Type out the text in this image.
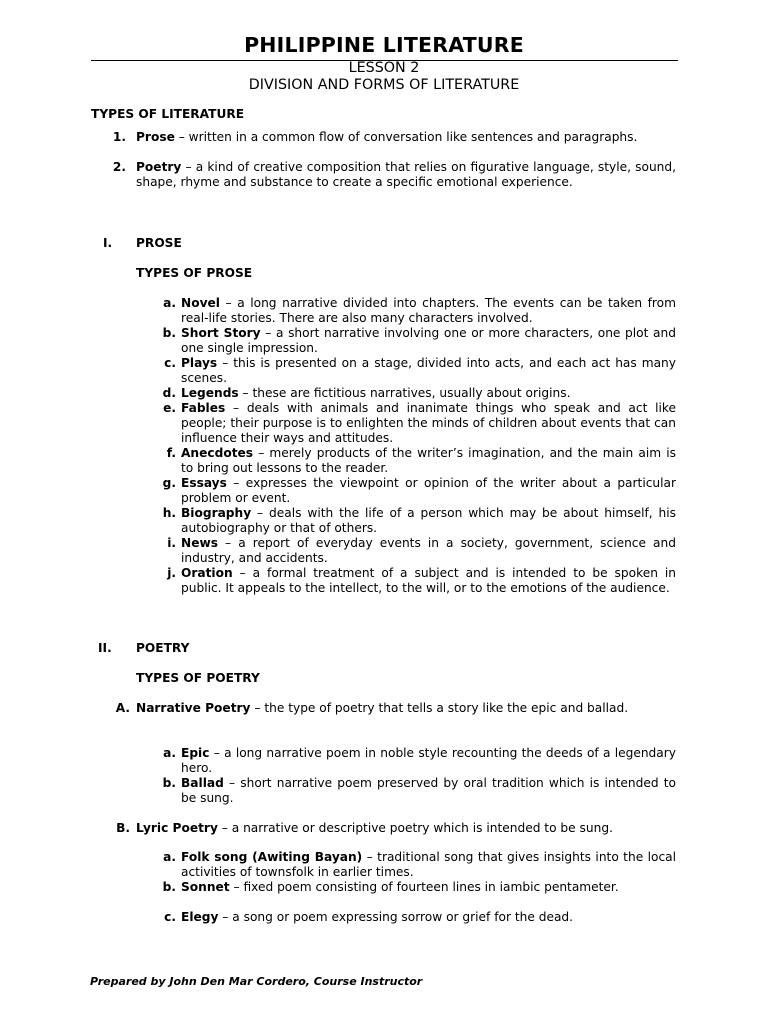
PHILIPPINE LITERATURE
LESSON 2
DIVISION AND FORMS OF LITERATURE
TYPES OF LITERATURE
1. Prose – written in a common flow of conversation like sentences and paragraphs.
2. Poetry – a kind of creative composition that relies on figurative language, style, sound, shape, rhyme and substance to create a specific emotional experience.
I. PROSE
TYPES OF PROSE
a. Novel – a long narrative divided into chapters. The events can be taken from real-life stories. There are also many characters involved.
b. Short Story – a short narrative involving one or more characters, one plot and one single impression.
c. Plays – this is presented on a stage, divided into acts, and each act has many scenes.
d. Legends – these are fictitious narratives, usually about origins.
e. Fables – deals with animals and inanimate things who speak and act like people; their purpose is to enlighten the minds of children about events that can influence their ways and attitudes.
f. Anecdotes – merely products of the writer’s imagination, and the main aim is to bring out lessons to the reader.
g. Essays – expresses the viewpoint or opinion of the writer about a particular problem or event.
h. Biography – deals with the life of a person which may be about himself, his autobiography or that of others.
i. News – a report of everyday events in a society, government, science and industry, and accidents.
j. Oration – a formal treatment of a subject and is intended to be spoken in public. It appeals to the intellect, to the will, or to the emotions of the audience.
II. POETRY
TYPES OF POETRY
A. Narrative Poetry – the type of poetry that tells a story like the epic and ballad.
a. Epic – a long narrative poem in noble style recounting the deeds of a legendary hero.
b. Ballad – short narrative poem preserved by oral tradition which is intended to be sung.
B. Lyric Poetry – a narrative or descriptive poetry which is intended to be sung.
a. Folk song (Awiting Bayan) – traditional song that gives insights into the local activities of townsfolk in earlier times.
b. Sonnet – fixed poem consisting of fourteen lines in iambic pentameter.
c. Elegy – a song or poem expressing sorrow or grief for the dead.
Prepared by John Den Mar Cordero, Course Instructor
